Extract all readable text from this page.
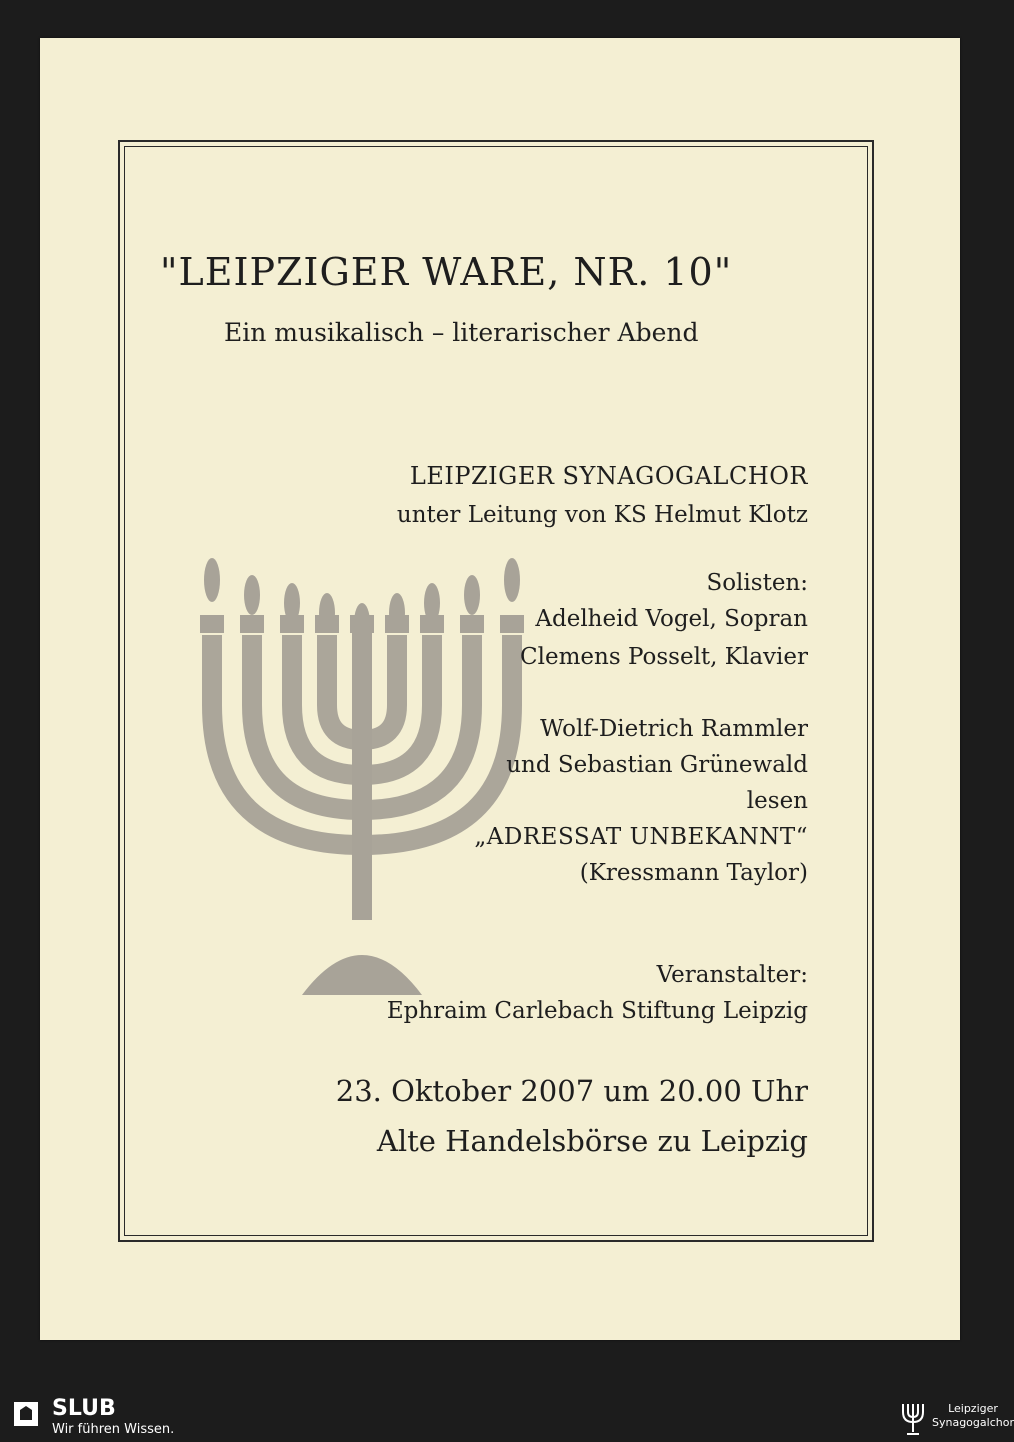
"LEIPZIGER WARE, NR. 10"
Ein musikalisch – literarischer Abend
LEIPZIGER SYNAGOGALCHOR
unter Leitung von KS Helmut Klotz
Solisten:
Adelheid Vogel, Sopran
Clemens Posselt, Klavier
Wolf-Dietrich Rammler
und Sebastian Grünewald
lesen
„ADRESSAT UNBEKANNT“
(Kressmann Taylor)
Veranstalter:
Ephraim Carlebach Stiftung Leipzig
23. Oktober 2007 um 20.00 Uhr
Alte Handelsbörse zu Leipzig
SLUB
Wir führen Wissen.
Leipziger
Synagogalchor
